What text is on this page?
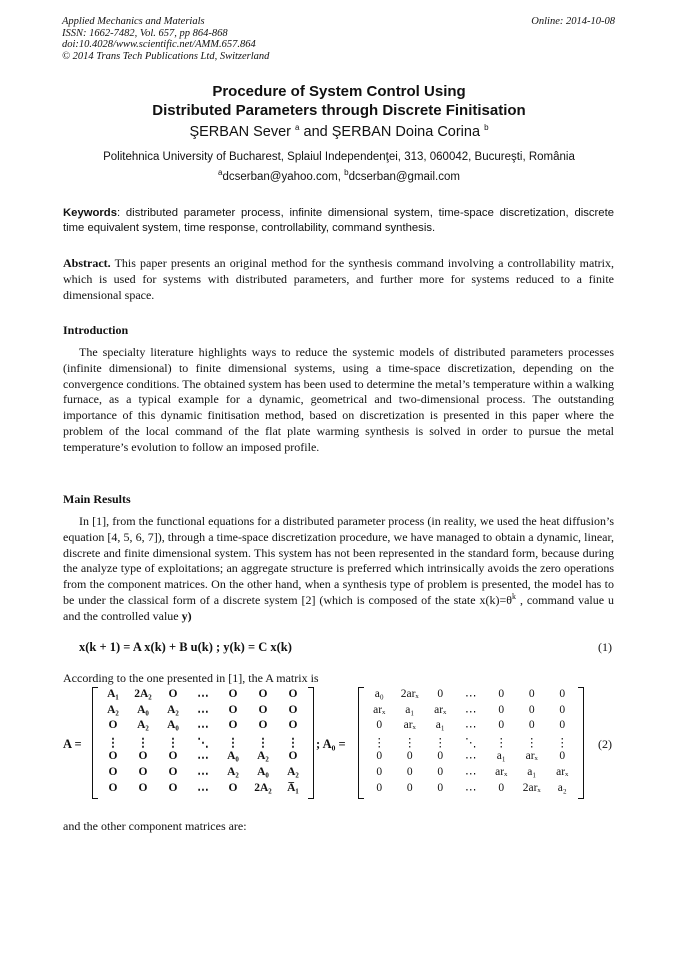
Applied Mechanics and Materials
ISSN: 1662-7482, Vol. 657, pp 864-868
doi:10.4028/www.scientific.net/AMM.657.864
© 2014 Trans Tech Publications Ltd, Switzerland
Online: 2014-10-08
Procedure of System Control Using
Distributed Parameters through Discrete Finitisation
ŞERBAN Sever $^a$ and ŞERBAN Doina Corina $^b$
Politehnica University of Bucharest, Splaiul Independenţei, 313, 060042, Bucureşti, România
$^a$dcserban@yahoo.com, $^b$dcserban@gmail.com
Keywords: distributed parameter process, infinite dimensional system, time-space discretization, discrete time equivalent system, time response, controllability, command synthesis.
Abstract. This paper presents an original method for the synthesis command involving a controllability matrix, which is used for systems with distributed parameters, and further more for systems reduced to a finite dimensional space.
Introduction
The specialty literature highlights ways to reduce the systemic models of distributed parameters processes (infinite dimensional) to finite dimensional systems, using a time-space discretization, depending on the convergence conditions. The obtained system has been used to determine the metal’s temperature within a walking furnace, as a typical example for a dynamic, geometrical and two-dimensional process. The outstanding importance of this dynamic finitisation method, based on discretization is presented in this paper where the problem of the local command of the flat plate warming synthesis is solved in order to pursue the metal temperature’s evolution to follow an imposed profile.
Main Results
In [1], from the functional equations for a distributed parameter process (in reality, we used the heat diffusion’s equation [4, 5, 6, 7]), through a time-space discretization procedure, we have managed to obtain a dynamic, linear, discrete and finite dimensional system. This system has not been represented in the standard form, because during the analyze type of exploitations; an aggregate structure is preferred which intrinsically avoids the zero operations from the component matrices. On the other hand, when a synthesis type of problem is presented, the model has to be under the classical form of a discrete system [2] (which is composed of the state $x(k)=\theta^k$ , command value u and the controlled value y)
x(k + 1) = A x(k) + B u(k) ; y(k) = C x(k)	(1)
According to the one presented in [1], the A matrix is
A =
A₁	2A₂	O	⋯	O	O	O
A₂	A₀	A₂	⋯	O	O	O
O	A₂	A₀	⋯	O	O	O
⋮	⋮	⋮	⋱	⋮	⋮	⋮
O	O	O	⋯	A₀	A₂	O
O	O	O	⋯	A₂	A₀	A₂
O	O	O	⋯	O	2A₂	A̅₁
; A₀ =
a₀	2arₓ	0	⋯	0	0	0
arₓ	a₁	arₓ	⋯	0	0	0
0	arₓ	a₁	⋯	0	0	0
⋮	⋮	⋮	⋱	⋮	⋮	⋮
0	0	0	⋯	a₁	arₓ	0
0	0	0	⋯	arₓ	a₁	arₓ
0	0	0	⋯	0	2arₓ	a₂
(2)
and the other component matrices are:
